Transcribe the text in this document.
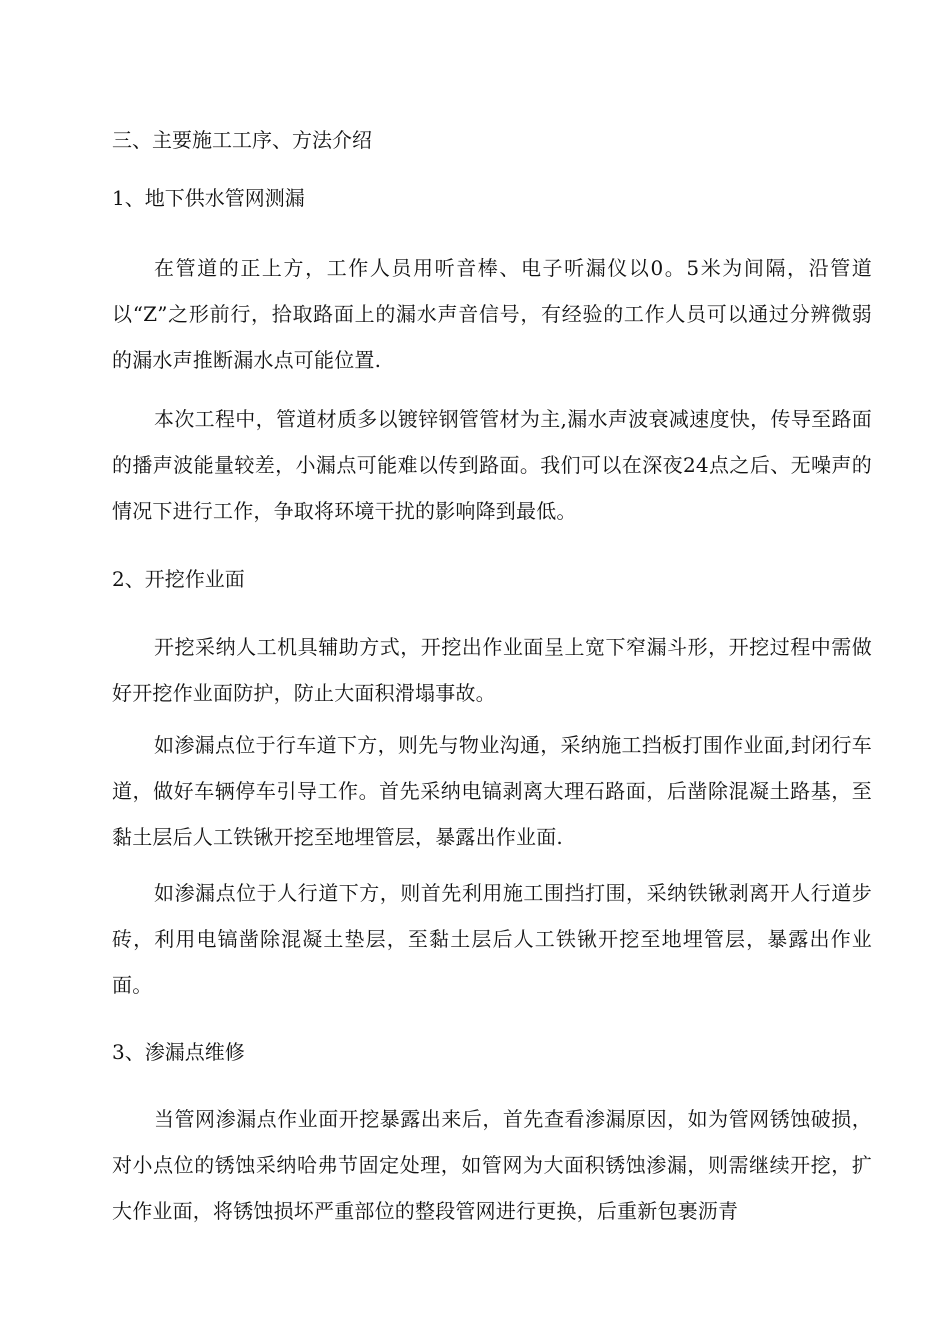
三、主要施工工序、方法介绍
1、地下供水管网测漏

在管道的正上方，工作人员用听音棒、电子听漏仪以0。5米为间隔，沿管道以“Z”之形前行，拾取路面上的漏水声音信号，有经验的工作人员可以通过分辨微弱的漏水声推断漏水点可能位置.

本次工程中，管道材质多以镀锌钢管管材为主,漏水声波衰减速度快，传导至路面的播声波能量较差，小漏点可能难以传到路面。我们可以在深夜24点之后、无噪声的情况下进行工作，争取将环境干扰的影响降到最低。

2、开挖作业面

开挖采纳人工机具辅助方式，开挖出作业面呈上宽下窄漏斗形，开挖过程中需做好开挖作业面防护，防止大面积滑塌事故。

如渗漏点位于行车道下方，则先与物业沟通，采纳施工挡板打围作业面,封闭行车道，做好车辆停车引导工作。首先采纳电镐剥离大理石路面，后凿除混凝土路基，至黏土层后人工铁锹开挖至地埋管层，暴露出作业面.

如渗漏点位于人行道下方，则首先利用施工围挡打围，采纳铁锹剥离开人行道步砖，利用电镐凿除混凝土垫层，至黏土层后人工铁锹开挖至地埋管层，暴露出作业面。

3、渗漏点维修

当管网渗漏点作业面开挖暴露出来后，首先查看渗漏原因，如为管网锈蚀破损，对小点位的锈蚀采纳哈弗节固定处理，如管网为大面积锈蚀渗漏，则需继续开挖，扩大作业面，将锈蚀损坏严重部位的整段管网进行更换，后重新包裹沥青
